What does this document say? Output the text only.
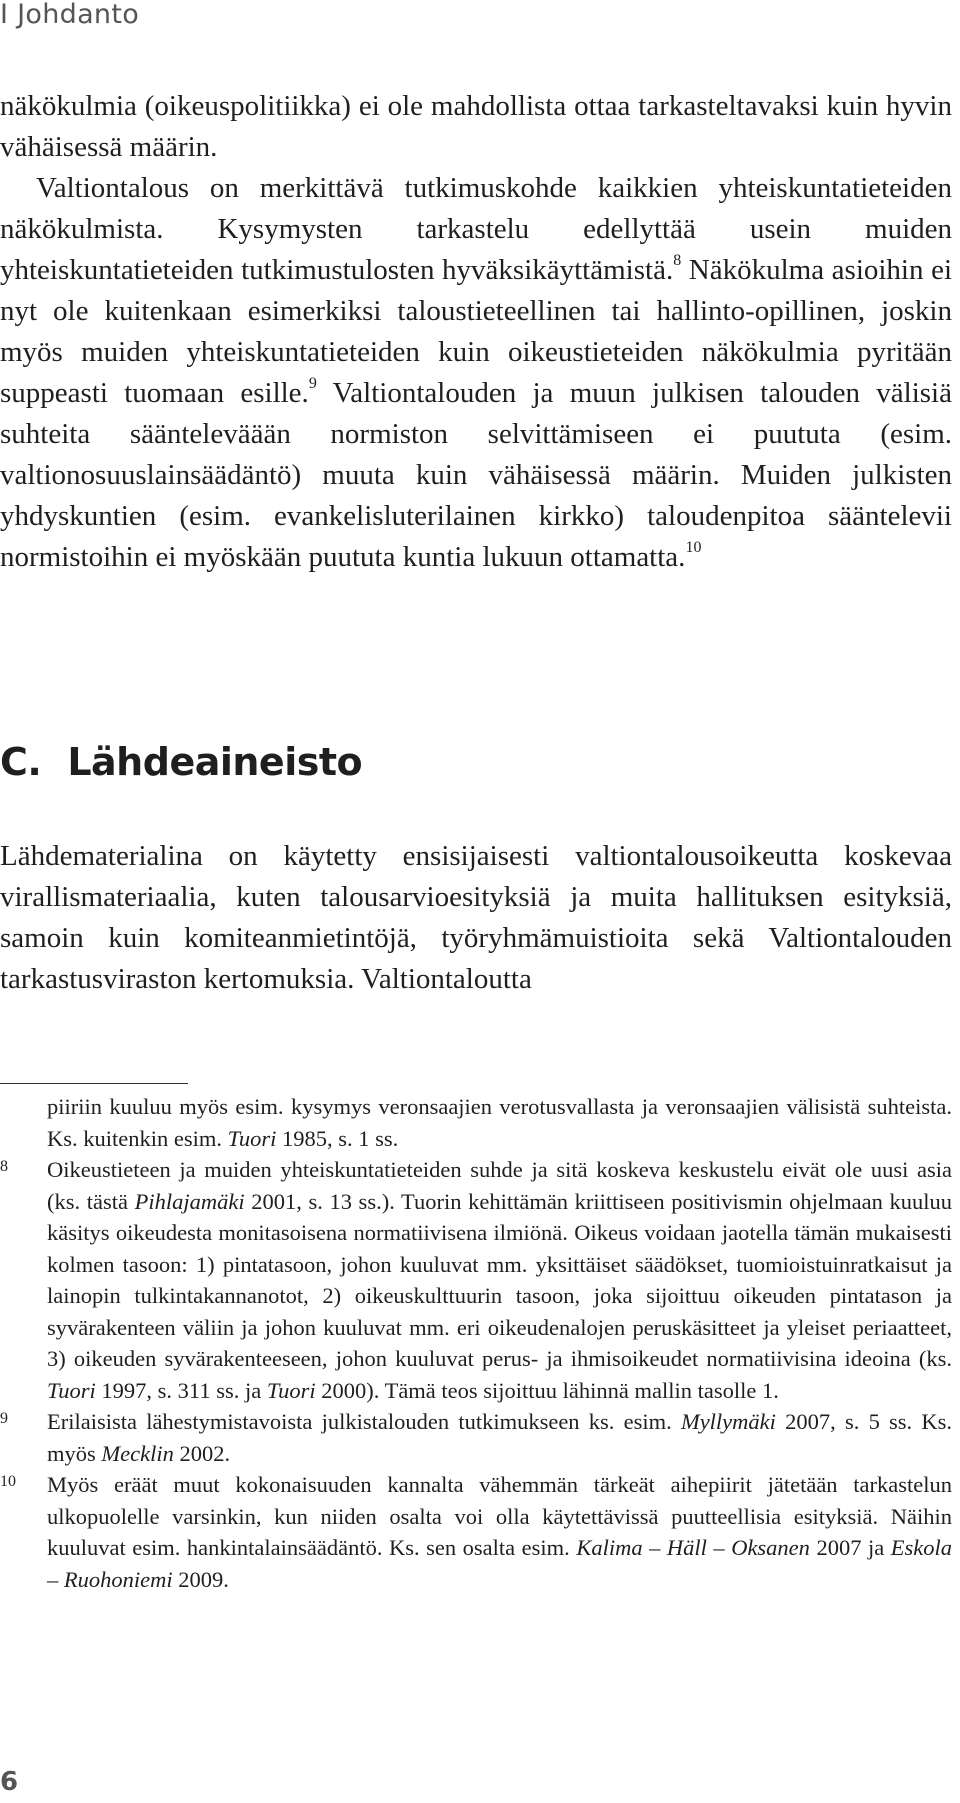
I Johdanto

näkökulmia (oikeuspolitiikka) ei ole mahdollista ottaa tarkasteltavaksi kuin hyvin vähäisessä määrin.

Valtiontalous on merkittävä tutkimuskohde kaikkien yhteiskuntatieteiden näkökulmista. Kysymysten tarkastelu edellyttää usein muiden yhteiskuntatieteiden tutkimustulosten hyväksikäyttämistä.$^8$ Näkökulma asioihin ei nyt ole kuitenkaan esimerkiksi taloustieteellinen tai hallinto-opillinen, joskin myös muiden yhteiskuntatieteiden kuin oikeustieteiden näkökulmia pyritään suppeasti tuomaan esille.$^9$ Valtiontalouden ja muun julkisen talouden välisiä suhteita säänteleväään normiston selvittämiseen ei puututa (esim. valtionosuuslainsäädäntö) muuta kuin vähäisessä määrin. Muiden julkisten yhdyskuntien (esim. evankelisluterilainen kirkko) taloudenpitoa sääntelevii normistoihin ei myöskään puututa kuntia lukuun ottamatta.$^{10}$

C. Lähdeaineisto

Lähdematerialina on käytetty ensisijaisesti valtiontalousoikeutta koskevaa virallismateriaalia, kuten talousarvioesityksiä ja muita hallituksen esityksiä, samoin kuin komiteanmietintöjä, työryhmämuistioita sekä Valtiontalouden tarkastusviraston kertomuksia. Valtiontaloutta

piiriin kuuluu myös esim. kysymys veronsaajien verotusvallasta ja veronsaajien välisistä suhteista. Ks. kuitenkin esim. Tuori 1985, s. 1 ss.
8	Oikeustieteen ja muiden yhteiskuntatieteiden suhde ja sitä koskeva keskustelu eivät ole uusi asia (ks. tästä Pihlajamäki 2001, s. 13 ss.). Tuorin kehittämän kriittiseen positivismin ohjelmaan kuuluu käsitys oikeudesta monitasoisena normatiivisena ilmiönä. Oikeus voidaan jaotella tämän mukaisesti kolmen tasoon: 1) pintatasoon, johon kuuluvat mm. yksittäiset säädökset, tuomioistuinratkaisut ja lainopin tulkintakannanotot, 2) oikeuskulttuurin tasoon, joka sijoittuu oikeuden pintatason ja syvärakenteen väliin ja johon kuuluvat mm. eri oikeudenalojen peruskäsitteet ja yleiset periaatteet, 3) oikeuden syvärakenteeseen, johon kuuluvat perus- ja ihmisoikeudet normatiivisina ideoina (ks. Tuori 1997, s. 311 ss. ja Tuori 2000). Tämä teos sijoittuu lähinnä mallin tasolle 1.
9	Erilaisista lähestymistavoista julkistalouden tutkimukseen ks. esim. Myllymäki 2007, s. 5 ss. Ks. myös Mecklin 2002.
10	Myös eräät muut kokonaisuuden kannalta vähemmän tärkeät aihepiirit jätetään tarkastelun ulkopuolelle varsinkin, kun niiden osalta voi olla käytettävissä puutteellisia esityksiä. Näihin kuuluvat esim. hankintalainsäädäntö. Ks. sen osalta esim. Kalima – Häll – Oksanen 2007 ja Eskola – Ruohoniemi 2009.
6
